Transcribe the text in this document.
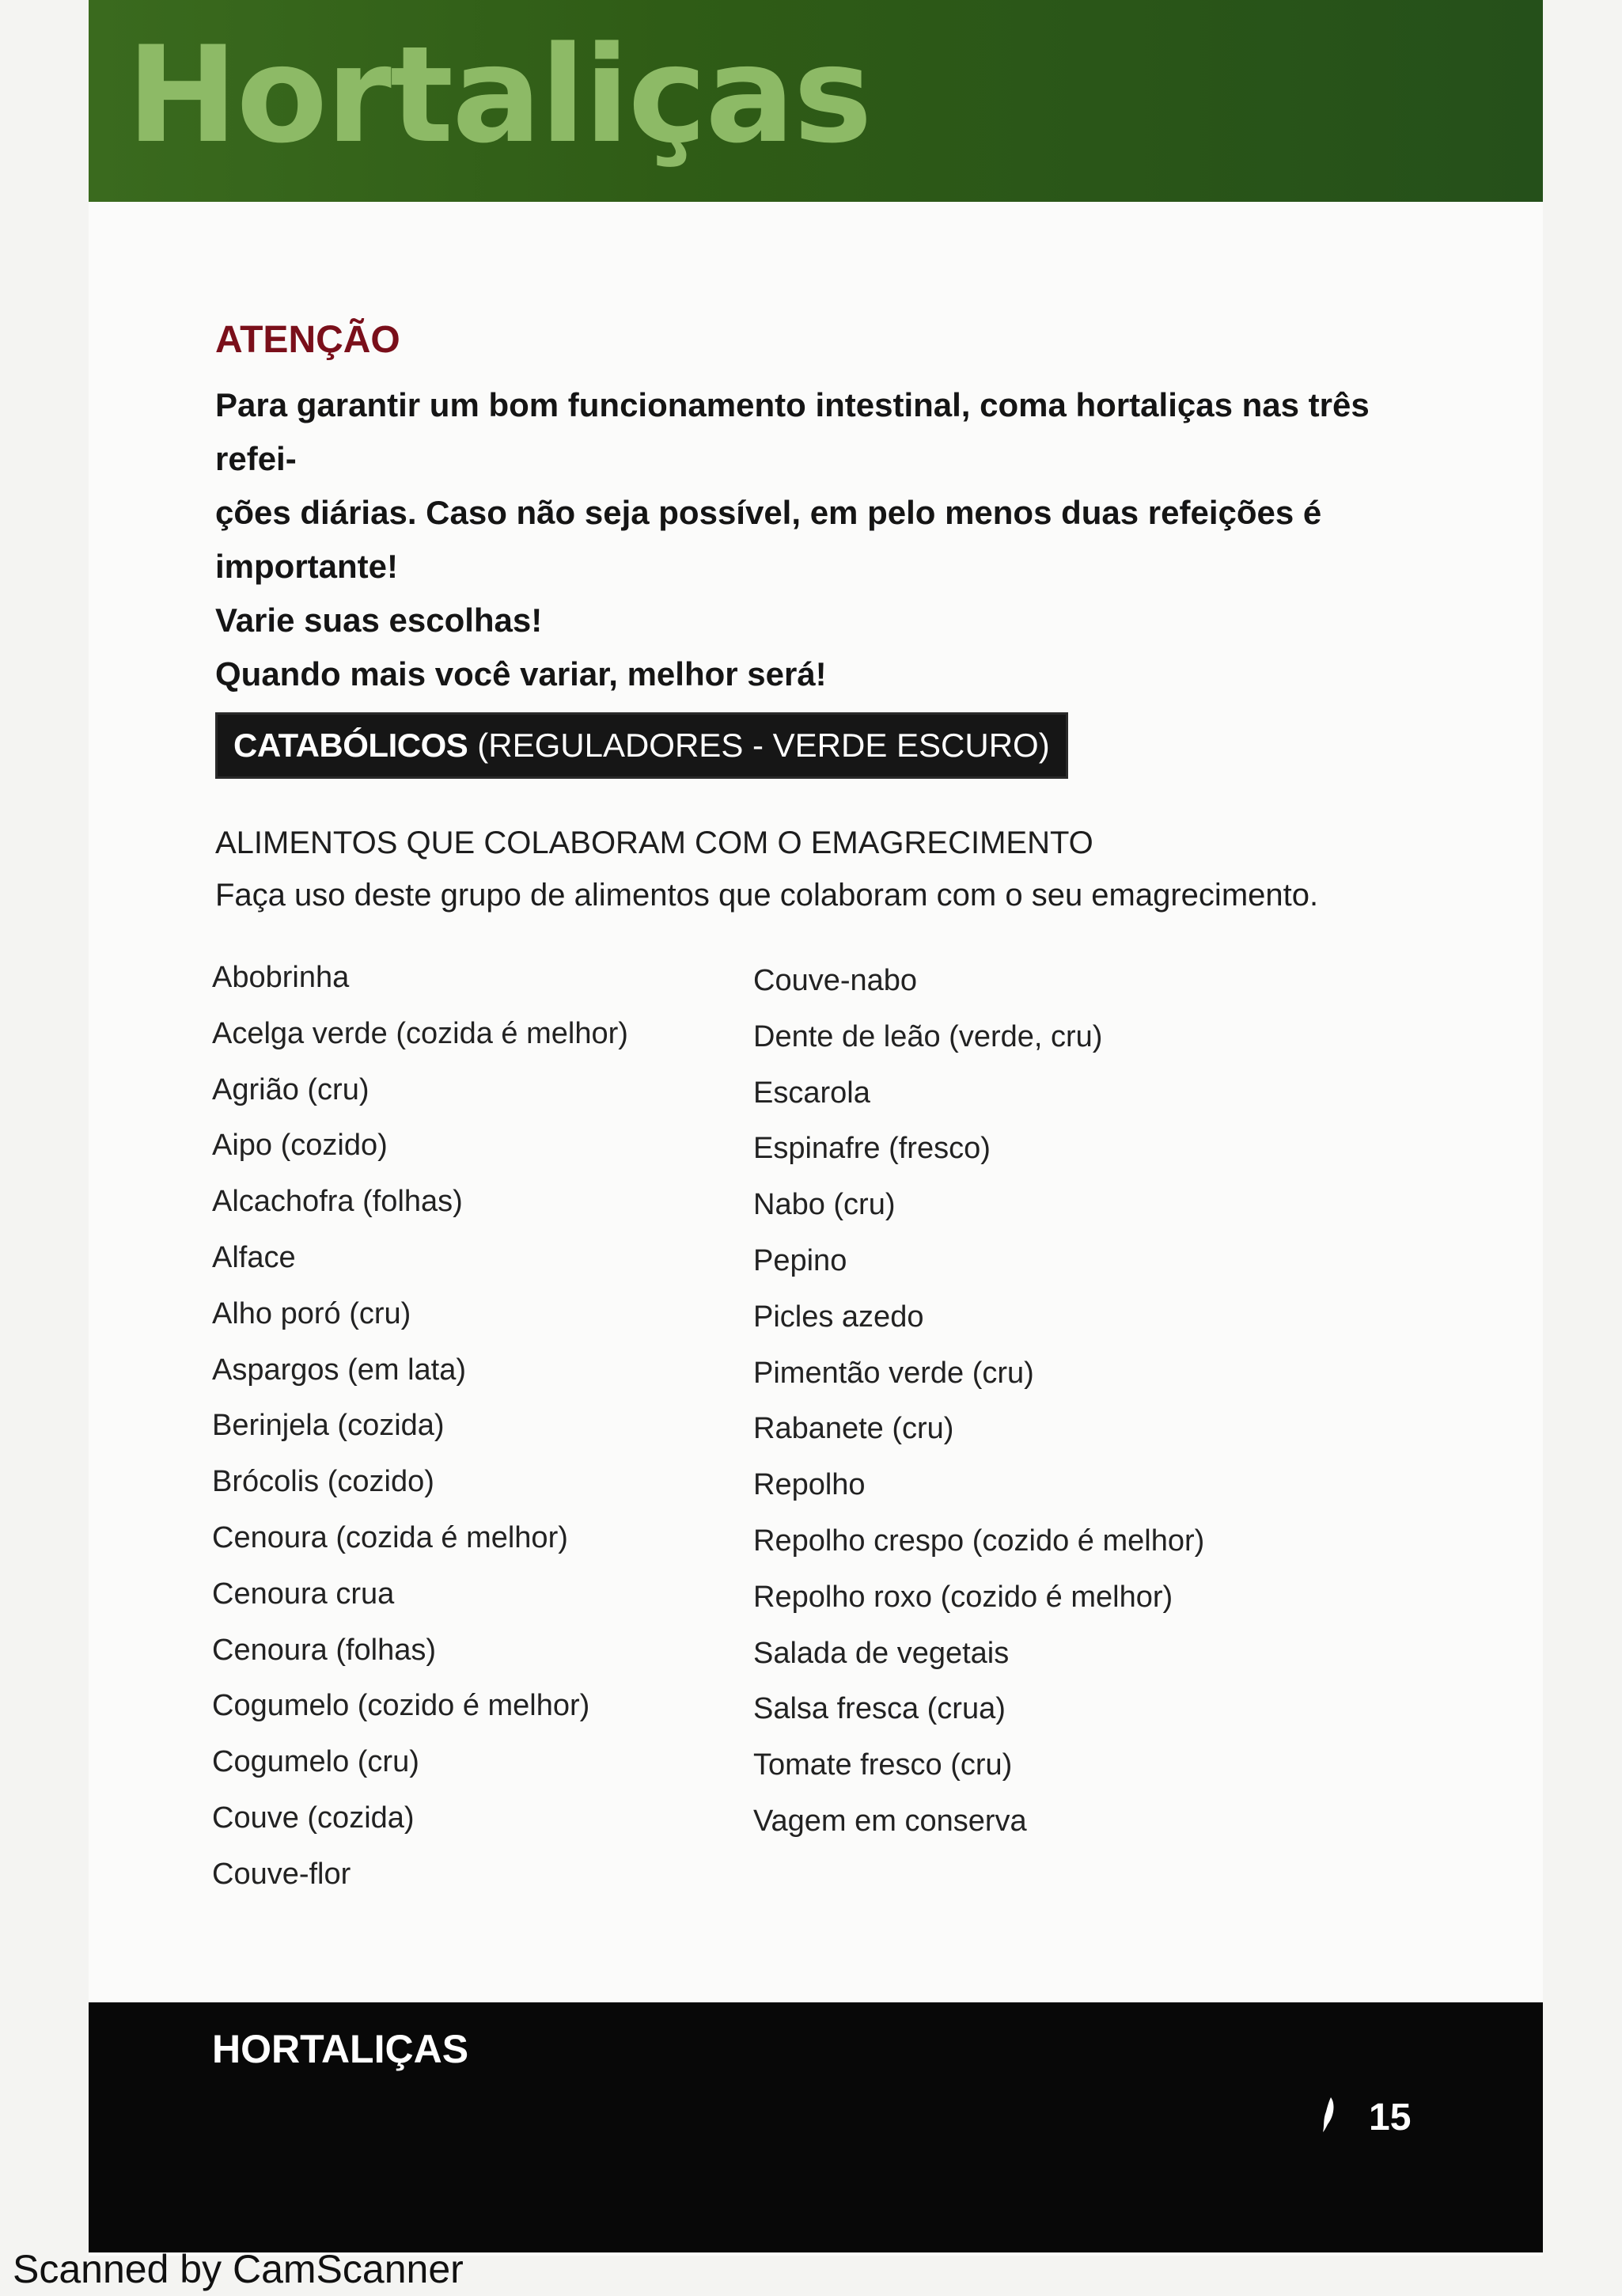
Hortaliças
ATENÇÃO

Para garantir um bom funcionamento intestinal, coma hortaliças nas três refei-

ções diárias. Caso não seja possível, em pelo menos duas refeições é importante!

Varie suas escolhas!

Quando mais você variar, melhor será!

CATABÓLICOS (REGULADORES - VERDE ESCURO)

ALIMENTOS QUE COLABORAM COM O EMAGRECIMENTO

Faça uso deste grupo de alimentos que colaboram com o seu emagrecimento.

Abobrinha
Acelga verde (cozida é melhor)
Agrião (cru)
Aipo (cozido)
Alcachofra (folhas)
Alface
Alho poró (cru)
Aspargos (em lata)
Berinjela (cozida)
Brócolis (cozido)
Cenoura (cozida é melhor)
Cenoura crua
Cenoura (folhas)
Cogumelo (cozido é melhor)
Cogumelo (cru)
Couve (cozida)
Couve-flor
Couve-nabo
Dente de leão (verde, cru)
Escarola
Espinafre (fresco)
Nabo (cru)
Pepino
Picles azedo
Pimentão verde (cru)
Rabanete (cru)
Repolho
Repolho crespo (cozido é melhor)
Repolho roxo (cozido é melhor)
Salada de vegetais
Salsa fresca (crua)
Tomate fresco (cru)
Vagem em conserva
HORTALIÇAS
15
Scanned by CamScanner
